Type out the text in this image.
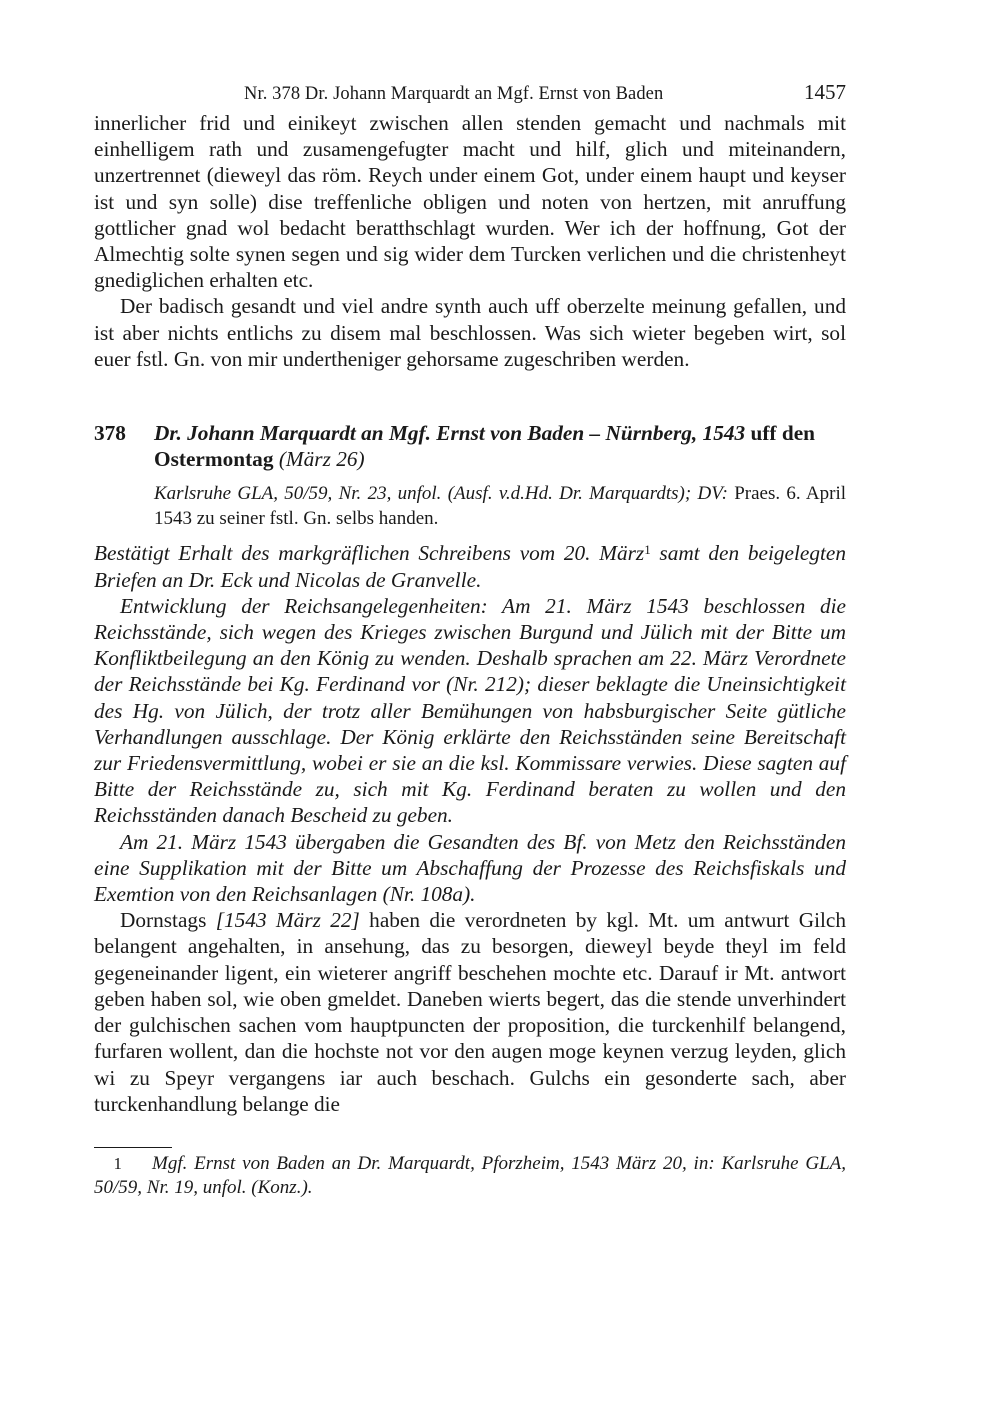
Nr. 378 Dr. Johann Marquardt an Mgf. Ernst von Baden	1457

innerlicher frid und einikeyt zwischen allen stenden gemacht und nachmals mit einhelligem rath und zusamengefugter macht und hilf, glich und miteinandern, unzertrennet (dieweyl das röm. Reych under einem Got, under einem haupt und keyser ist und syn solle) dise treffenliche obligen und noten von hertzen, mit anruffung gottlicher gnad wol bedacht beratthschlagt wurden. Wer ich der hoffnung, Got der Almechtig solte synen segen und sig wider dem Turcken verlichen und die christenheyt gnediglichen erhalten etc.

Der badisch gesandt und viel andre synth auch uff oberzelte meinung gefallen, und ist aber nichts entlichs zu disem mal beschlossen. Was sich wieter begeben wirt, sol euer fstl. Gn. von mir undertheniger gehorsame zugeschriben werden.

378 Dr. Johann Marquardt an Mgf. Ernst von Baden – Nürnberg, 1543 uff den Ostermontag (März 26)

Karlsruhe GLA, 50/59, Nr. 23, unfol. (Ausf. v.d.Hd. Dr. Marquardts); DV: Praes. 6. April 1543 zu seiner fstl. Gn. selbs handen.

Bestätigt Erhalt des markgräflichen Schreibens vom 20. März$^1$ samt den beigelegten Briefen an Dr. Eck und Nicolas de Granvelle.

Entwicklung der Reichsangelegenheiten: Am 21. März 1543 beschlossen die Reichsstände, sich wegen des Krieges zwischen Burgund und Jülich mit der Bitte um Konfliktbeilegung an den König zu wenden. Deshalb sprachen am 22. März Verordnete der Reichsstände bei Kg. Ferdinand vor (Nr. 212); dieser beklagte die Uneinsichtigkeit des Hg. von Jülich, der trotz aller Bemühungen von habsburgischer Seite gütliche Verhandlungen ausschlage. Der König erklärte den Reichsständen seine Bereitschaft zur Friedensvermittlung, wobei er sie an die ksl. Kommissare verwies. Diese sagten auf Bitte der Reichsstände zu, sich mit Kg. Ferdinand beraten zu wollen und den Reichsständen danach Bescheid zu geben.

Am 21. März 1543 übergaben die Gesandten des Bf. von Metz den Reichsständen eine Supplikation mit der Bitte um Abschaffung der Prozesse des Reichsfiskals und Exemtion von den Reichsanlagen (Nr. 108a).

Dornstags [1543 März 22] haben die verordneten by kgl. Mt. um antwurt Gilch belangent angehalten, in ansehung, das zu besorgen, dieweyl beyde theyl im feld gegeneinander ligent, ein wieterer angriff beschehen mochte etc. Darauf ir Mt. antwort geben haben sol, wie oben gmeldet. Daneben wierts begert, das die stende unverhindert der gulchischen sachen vom hauptpuncten der proposition, die turckenhilf belangend, furfaren wollent, dan die hochste not vor den augen moge keynen verzug leyden, glich wi zu Speyr vergangens iar auch beschach. Gulchs ein gesonderte sach, aber turckenhandlung belange die

1 Mgf. Ernst von Baden an Dr. Marquardt, Pforzheim, 1543 März 20, in: Karlsruhe GLA, 50/59, Nr. 19, unfol. (Konz.).
